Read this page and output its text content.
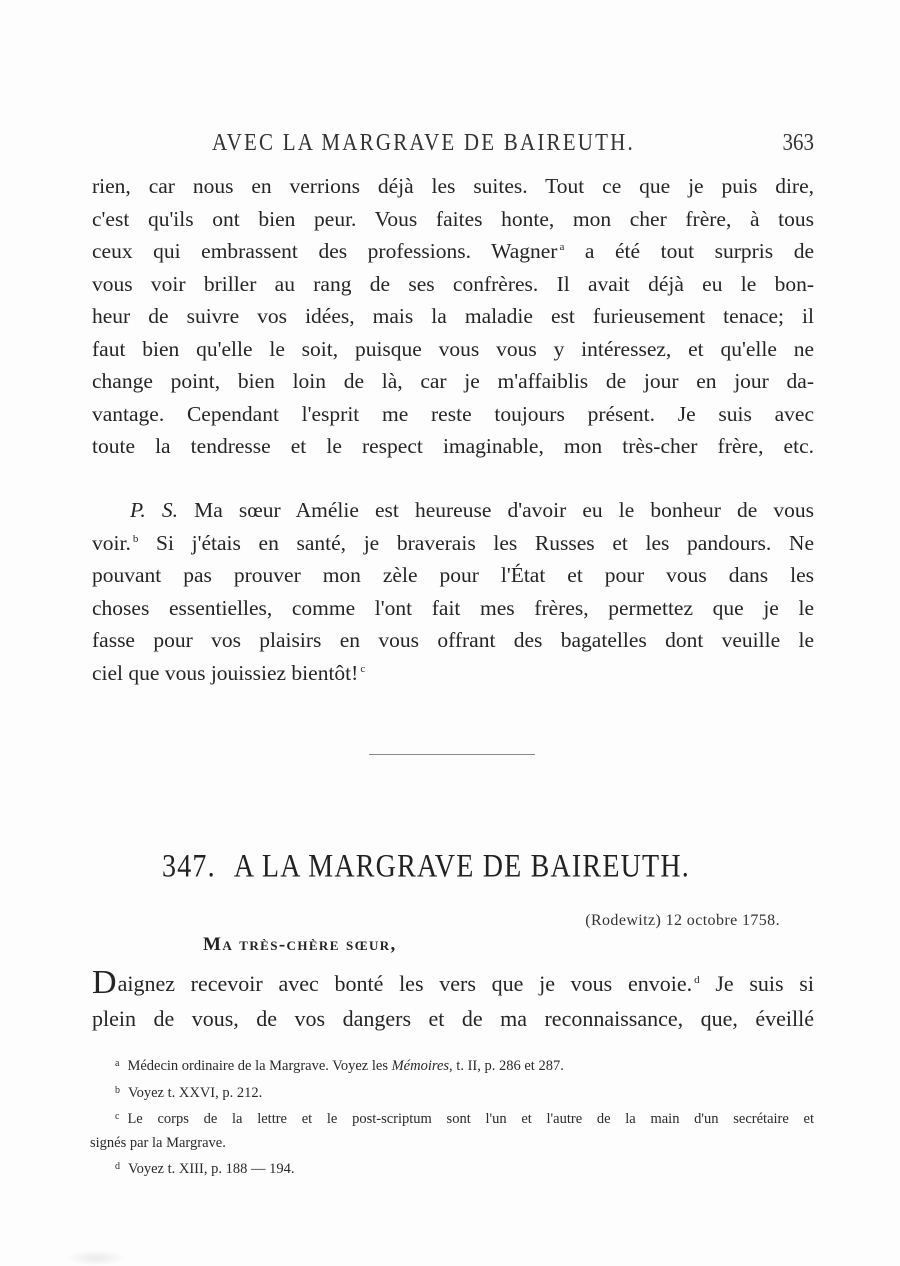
AVEC LA MARGRAVE DE BAIREUTH.	363
rien, car nous en verrions déjà les suites. Tout ce que je puis dire,
c'est qu'ils ont bien peur. Vous faites honte, mon cher frère, à tous
ceux qui embrassent des professions. Wagner $^a$ a été tout surpris de
vous voir briller au rang de ses confrères. Il avait déjà eu le bon-
heur de suivre vos idées, mais la maladie est furieusement tenace; il
faut bien qu'elle le soit, puisque vous vous y intéressez, et qu'elle ne
change point, bien loin de là, car je m'affaiblis de jour en jour da-
vantage. Cependant l'esprit me reste toujours présent. Je suis avec
toute la tendresse et le respect imaginable, mon très-cher frère, etc.
P. S. Ma sœur Amélie est heureuse d'avoir eu le bonheur de vous
voir. $^b$ Si j'étais en santé, je braverais les Russes et les pandours. Ne
pouvant pas prouver mon zèle pour l'État et pour vous dans les
choses essentielles, comme l'ont fait mes frères, permettez que je le
fasse pour vos plaisirs en vous offrant des bagatelles dont veuille le
ciel que vous jouissiez bientôt! $^c$
347. A LA MARGRAVE DE BAIREUTH.
(Rodewitz) 12 octobre 1758.
Ma très-chère sœur,
Daignez recevoir avec bonté les vers que je vous envoie. $^d$ Je suis si
plein de vous, de vos dangers et de ma reconnaissance, que, éveillé
a Médecin ordinaire de la Margrave. Voyez les Mémoires, t. II, p. 286 et 287.
b Voyez t. XXVI, p. 212.
c Le corps de la lettre et le post-scriptum sont l'un et l'autre de la main d'un secrétaire et
signés par la Margrave.
d Voyez t. XIII, p. 188 — 194.
